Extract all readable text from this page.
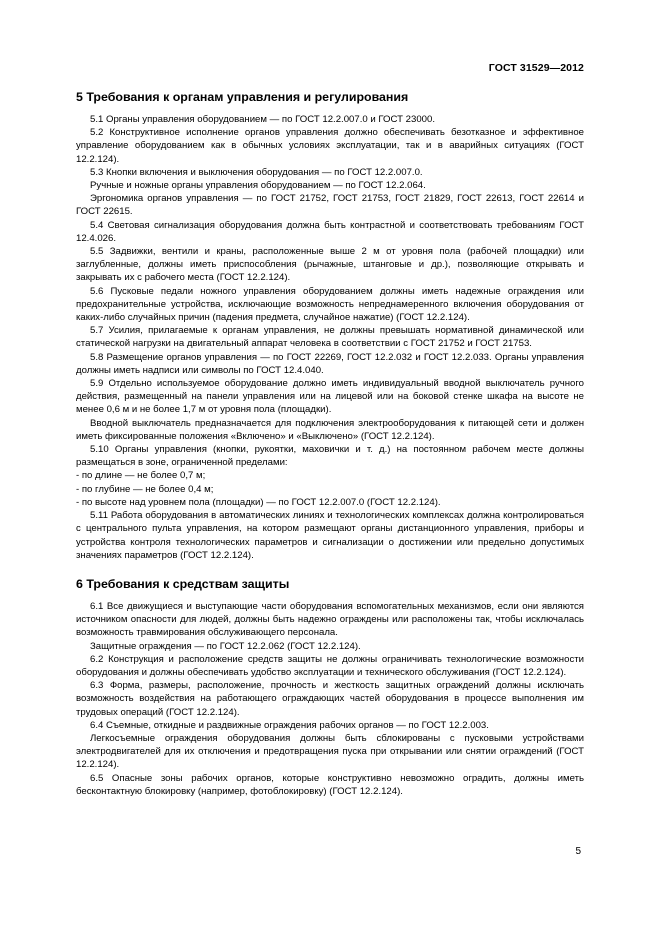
ГОСТ 31529—2012
5 Требования к органам управления и регулирования

5.1 Органы управления оборудованием — по ГОСТ 12.2.007.0 и ГОСТ 23000.

5.2 Конструктивное исполнение органов управления должно обеспечивать безотказное и эффективное управление оборудованием как в обычных условиях эксплуатации, так и в аварийных ситуациях (ГОСТ 12.2.124).

5.3 Кнопки включения и выключения оборудования — по ГОСТ 12.2.007.0.

Ручные и ножные органы управления оборудованием — по ГОСТ 12.2.064.

Эргономика органов управления — по ГОСТ 21752, ГОСТ 21753, ГОСТ 21829, ГОСТ 22613, ГОСТ 22614 и ГОСТ 22615.

5.4 Световая сигнализация оборудования должна быть контрастной и соответствовать требованиям ГОСТ 12.4.026.

5.5 Задвижки, вентили и краны, расположенные выше 2 м от уровня пола (рабочей площадки) или заглубленные, должны иметь приспособления (рычажные, штанговые и др.), позволяющие открывать и закрывать их с рабочего места (ГОСТ 12.2.124).

5.6 Пусковые педали ножного управления оборудованием должны иметь надежные ограждения или предохранительные устройства, исключающие возможность непреднамеренного включения оборудования от каких-либо случайных причин (падения предмета, случайное нажатие) (ГОСТ 12.2.124).

5.7 Усилия, прилагаемые к органам управления, не должны превышать нормативной динамической или статической нагрузки на двигательный аппарат человека в соответствии с ГОСТ 21752 и ГОСТ 21753.

5.8 Размещение органов управления — по ГОСТ 22269, ГОСТ 12.2.032 и ГОСТ 12.2.033. Органы управления должны иметь надписи или символы по ГОСТ 12.4.040.

5.9 Отдельно используемое оборудование должно иметь индивидуальный вводной выключатель ручного действия, размещенный на панели управления или на лицевой или на боковой стенке шкафа на высоте не менее 0,6 м и не более 1,7 м от уровня пола (площадки).

Вводной выключатель предназначается для подключения электрооборудования к питающей сети и должен иметь фиксированные положения «Включено» и «Выключено» (ГОСТ 12.2.124).

5.10 Органы управления (кнопки, рукоятки, маховички и т. д.) на постоянном рабочем месте должны размещаться в зоне, ограниченной пределами:

- по длине — не более 0,7 м;

- по глубине — не более 0,4 м;

- по высоте над уровнем пола (площадки) — по ГОСТ 12.2.007.0 (ГОСТ 12.2.124).

5.11 Работа оборудования в автоматических линиях и технологических комплексах должна контролироваться с центрального пульта управления, на котором размещают органы дистанционного управления, приборы и устройства контроля технологических параметров и сигнализации о достижении или предельно допустимых значениях параметров (ГОСТ 12.2.124).

6 Требования к средствам защиты

6.1 Все движущиеся и выступающие части оборудования вспомогательных механизмов, если они являются источником опасности для людей, должны быть надежно ограждены или расположены так, чтобы исключалась возможность травмирования обслуживающего персонала.

Защитные ограждения — по ГОСТ 12.2.062 (ГОСТ 12.2.124).

6.2 Конструкция и расположение средств защиты не должны ограничивать технологические возможности оборудования и должны обеспечивать удобство эксплуатации и технического обслуживания (ГОСТ 12.2.124).

6.3 Форма, размеры, расположение, прочность и жесткость защитных ограждений должны исключать возможность воздействия на работающего ограждающих частей оборудования в процессе выполнения им трудовых операций (ГОСТ 12.2.124).

6.4 Съемные, откидные и раздвижные ограждения рабочих органов — по ГОСТ 12.2.003.

Легкосъемные ограждения оборудования должны быть сблокированы с пусковыми устройствами электродвигателей для их отключения и предотвращения пуска при открывании или снятии ограждений (ГОСТ 12.2.124).

6.5 Опасные зоны рабочих органов, которые конструктивно невозможно оградить, должны иметь бесконтактную блокировку (например, фотоблокировку) (ГОСТ 12.2.124).

5
